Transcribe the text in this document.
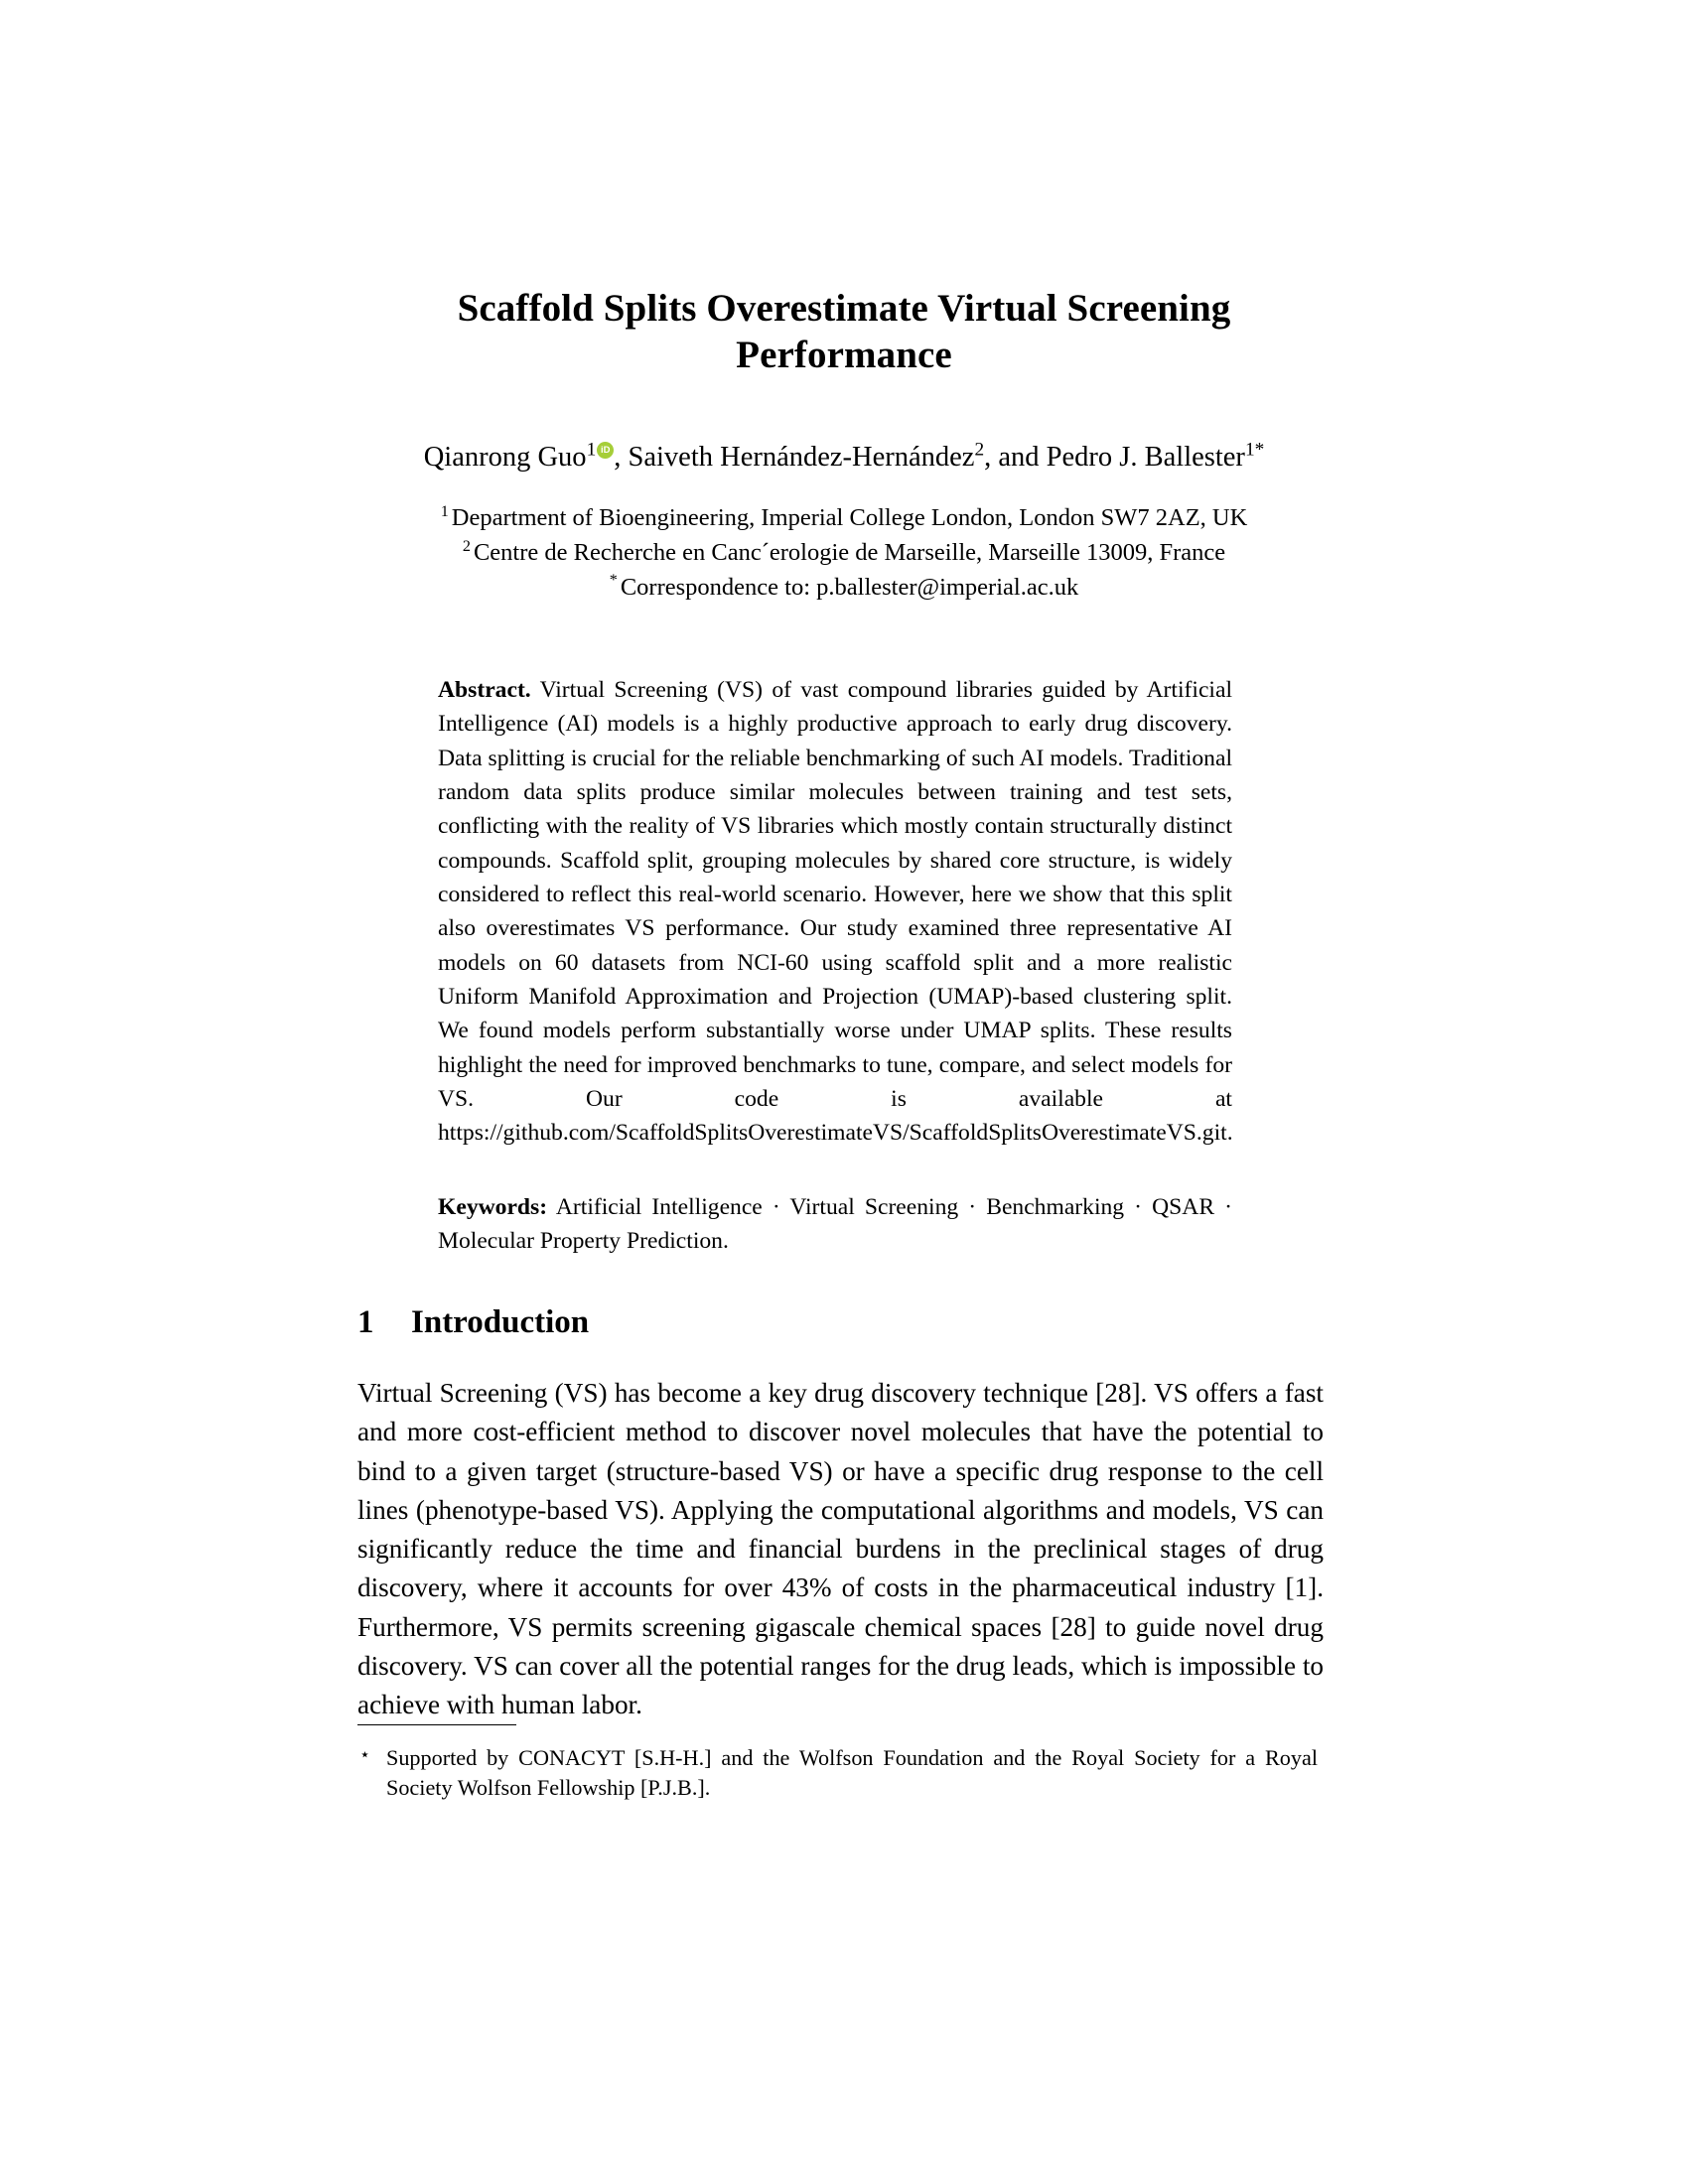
Scaffold Splits Overestimate Virtual Screening Performance
Qianrong Guo$^1$ iD , Saiveth Hernández-Hernández$^2$, and Pedro J. Ballester$^{1*}$
$^1$ Department of Bioengineering, Imperial College London, London SW7 2AZ, UK
$^2$ Centre de Recherche en Canc´erologie de Marseille, Marseille 13009, France
* Correspondence to: p.ballester@imperial.ac.uk
Abstract. Virtual Screening (VS) of vast compound libraries guided by Artificial Intelligence (AI) models is a highly productive approach to early drug discovery. Data splitting is crucial for the reliable benchmarking of such AI models. Traditional random data splits produce similar molecules between training and test sets, conflicting with the reality of VS libraries which mostly contain structurally distinct compounds. Scaffold split, grouping molecules by shared core structure, is widely considered to reflect this real-world scenario. However, here we show that this split also overestimates VS performance. Our study examined three representative AI models on 60 datasets from NCI-60 using scaffold split and a more realistic Uniform Manifold Approximation and Projection (UMAP)-based clustering split. We found models perform substantially worse under UMAP splits. These results highlight the need for improved benchmarks to tune, compare, and select models for VS. Our code is available at https://github.com/ScaffoldSplitsOverestimateVS/ScaffoldSplitsOverestimateVS.git.
Keywords: Artificial Intelligence · Virtual Screening · Benchmarking · QSAR · Molecular Property Prediction.
1 Introduction
Virtual Screening (VS) has become a key drug discovery technique [28]. VS offers a fast and more cost-efficient method to discover novel molecules that have the potential to bind to a given target (structure-based VS) or have a specific drug response to the cell lines (phenotype-based VS). Applying the computational algorithms and models, VS can significantly reduce the time and financial burdens in the preclinical stages of drug discovery, where it accounts for over 43% of costs in the pharmaceutical industry [1]. Furthermore, VS permits screening gigascale chemical spaces [28] to guide novel drug discovery. VS can cover all the potential ranges for the drug leads, which is impossible to achieve with human labor.
⋆ Supported by CONACYT [S.H-H.] and the Wolfson Foundation and the Royal Society for a Royal Society Wolfson Fellowship [P.J.B.].
